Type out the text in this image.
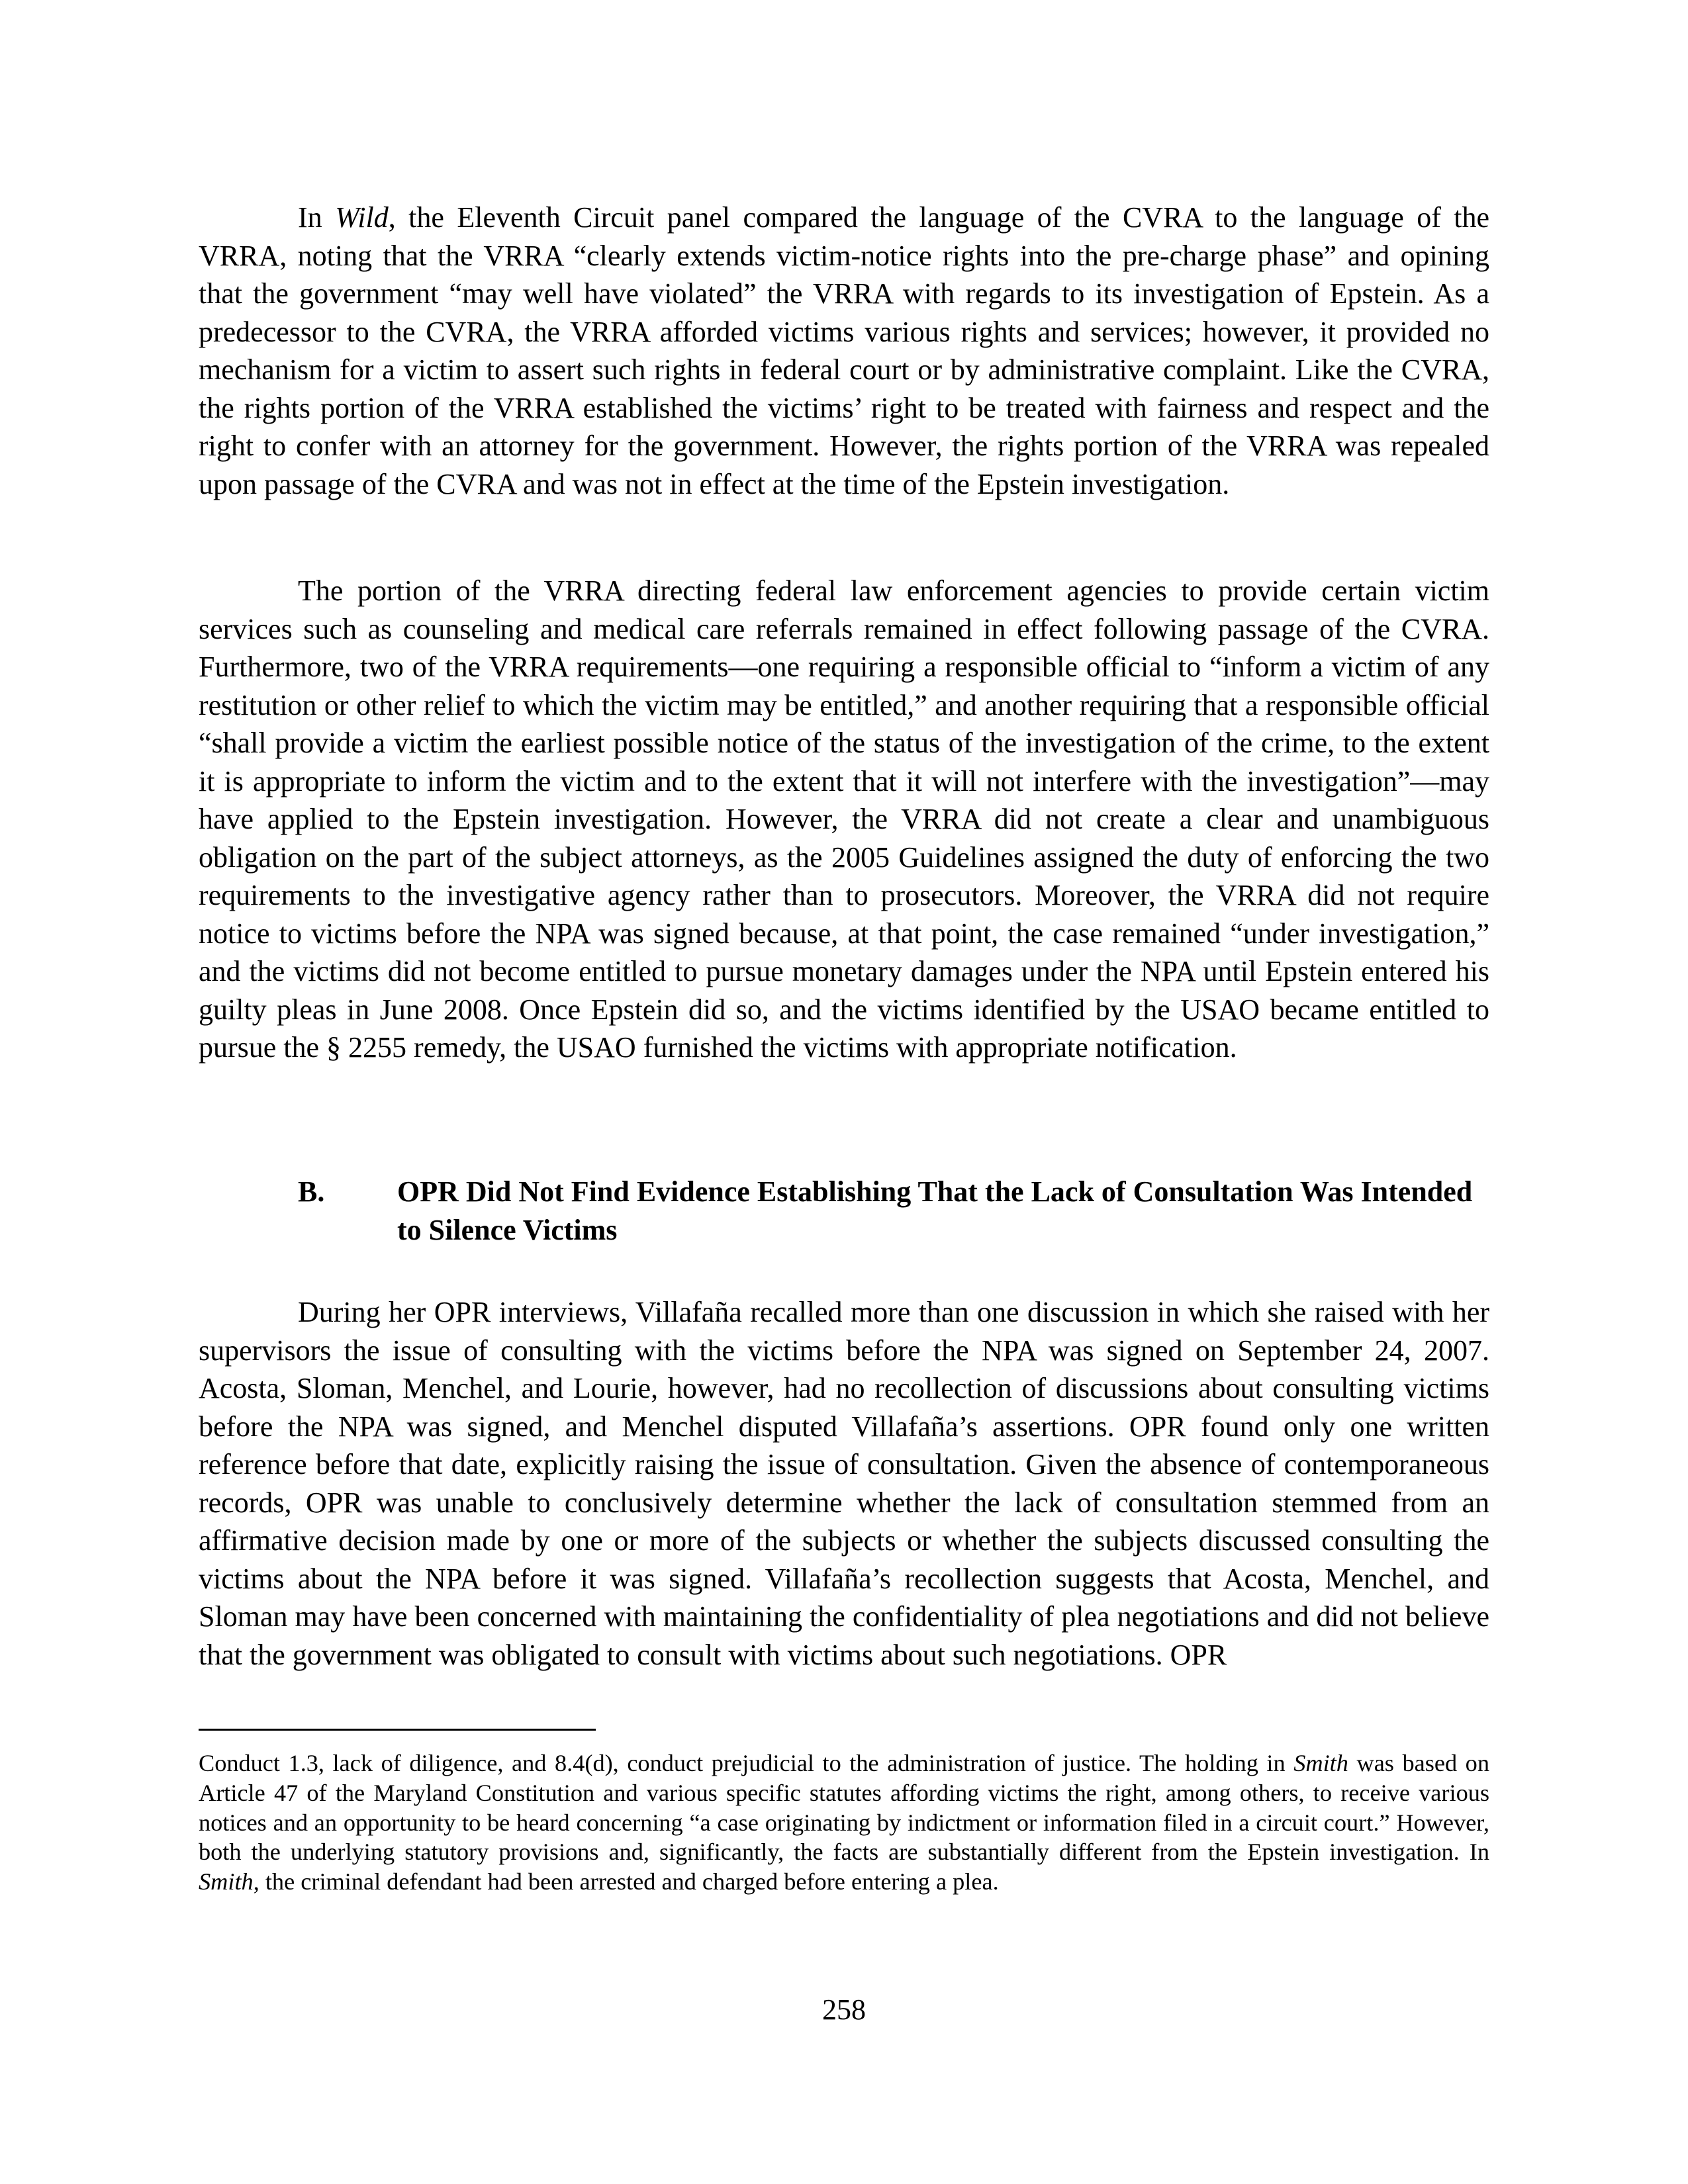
In Wild, the Eleventh Circuit panel compared the language of the CVRA to the language of the VRRA, noting that the VRRA “clearly extends victim-notice rights into the pre-charge phase” and opining that the government “may well have violated” the VRRA with regards to its investigation of Epstein. As a predecessor to the CVRA, the VRRA afforded victims various rights and services; however, it provided no mechanism for a victim to assert such rights in federal court or by administrative complaint. Like the CVRA, the rights portion of the VRRA established the victims’ right to be treated with fairness and respect and the right to confer with an attorney for the government. However, the rights portion of the VRRA was repealed upon passage of the CVRA and was not in effect at the time of the Epstein investigation.

The portion of the VRRA directing federal law enforcement agencies to provide certain victim services such as counseling and medical care referrals remained in effect following passage of the CVRA. Furthermore, two of the VRRA requirements—one requiring a responsible official to “inform a victim of any restitution or other relief to which the victim may be entitled,” and another requiring that a responsible official “shall provide a victim the earliest possible notice of the status of the investigation of the crime, to the extent it is appropriate to inform the victim and to the extent that it will not interfere with the investigation”—may have applied to the Epstein investigation. However, the VRRA did not create a clear and unambiguous obligation on the part of the subject attorneys, as the 2005 Guidelines assigned the duty of enforcing the two requirements to the investigative agency rather than to prosecutors. Moreover, the VRRA did not require notice to victims before the NPA was signed because, at that point, the case remained “under investigation,” and the victims did not become entitled to pursue monetary damages under the NPA until Epstein entered his guilty pleas in June 2008. Once Epstein did so, and the victims identified by the USAO became entitled to pursue the § 2255 remedy, the USAO furnished the victims with appropriate notification.

B. OPR Did Not Find Evidence Establishing That the Lack of Consultation Was Intended to Silence Victims

During her OPR interviews, Villafaña recalled more than one discussion in which she raised with her supervisors the issue of consulting with the victims before the NPA was signed on September 24, 2007. Acosta, Sloman, Menchel, and Lourie, however, had no recollection of discussions about consulting victims before the NPA was signed, and Menchel disputed Villafaña’s assertions. OPR found only one written reference before that date, explicitly raising the issue of consultation. Given the absence of contemporaneous records, OPR was unable to conclusively determine whether the lack of consultation stemmed from an affirmative decision made by one or more of the subjects or whether the subjects discussed consulting the victims about the NPA before it was signed. Villafaña’s recollection suggests that Acosta, Menchel, and Sloman may have been concerned with maintaining the confidentiality of plea negotiations and did not believe that the government was obligated to consult with victims about such negotiations. OPR

Conduct 1.3, lack of diligence, and 8.4(d), conduct prejudicial to the administration of justice. The holding in Smith was based on Article 47 of the Maryland Constitution and various specific statutes affording victims the right, among others, to receive various notices and an opportunity to be heard concerning “a case originating by indictment or information filed in a circuit court.” However, both the underlying statutory provisions and, significantly, the facts are substantially different from the Epstein investigation. In Smith, the criminal defendant had been arrested and charged before entering a plea.

258
